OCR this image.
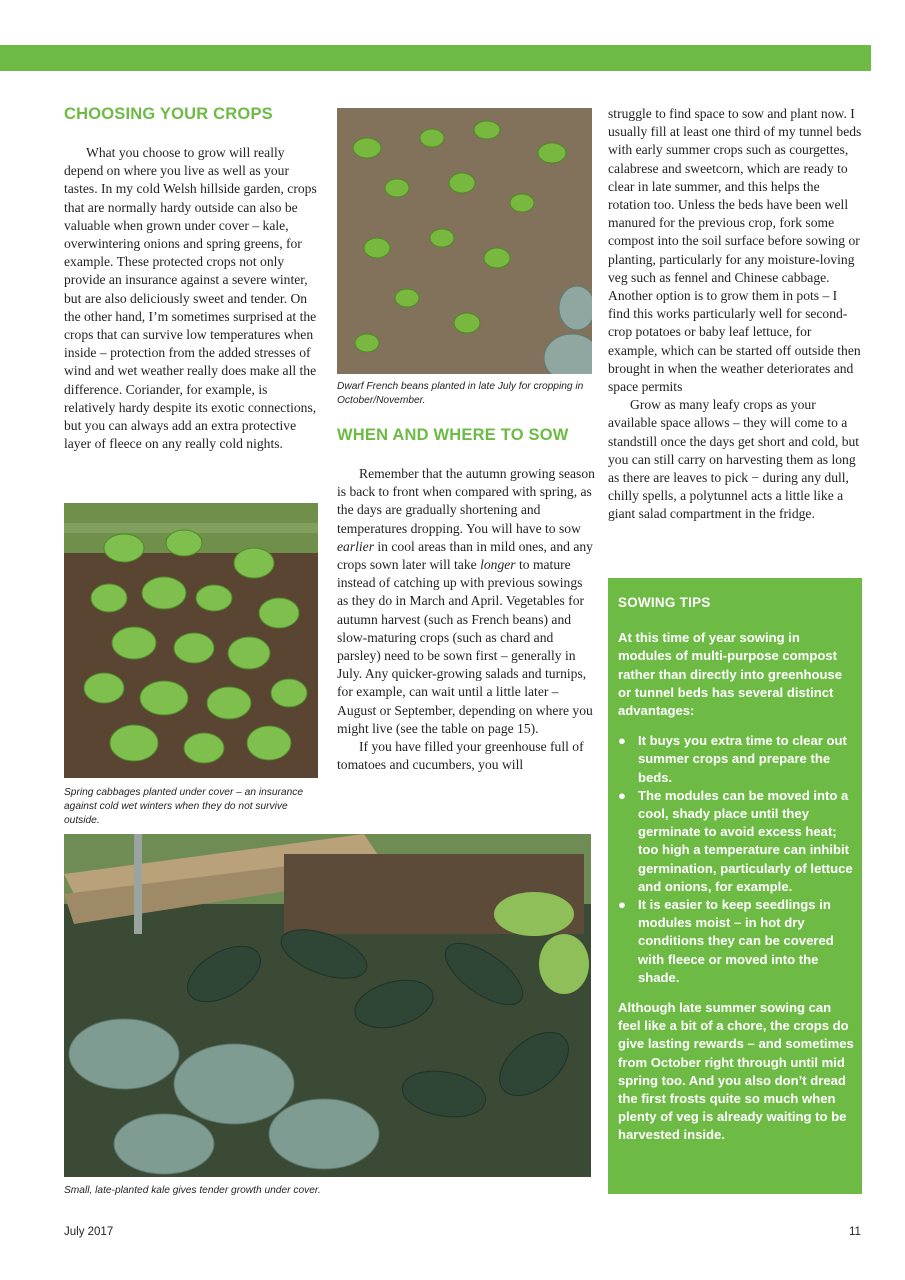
CHOOSING YOUR CROPS

What you choose to grow will really depend on where you live as well as your tastes. In my cold Welsh hillside garden, crops that are normally hardy outside can also be valuable when grown under cover – kale, overwintering onions and spring greens, for example. These protected crops not only provide an insurance against a severe winter, but are also deliciously sweet and tender. On the other hand, I’m sometimes surprised at the crops that can survive low temperatures when inside – protection from the added stresses of wind and wet weather really does make all the difference. Coriander, for example, is relatively hardy despite its exotic connections, but you can always add an extra protective layer of fleece on any really cold nights.

Spring cabbages planted under cover – an insurance against cold wet winters when they do not survive outside.
Dwarf French beans planted in late July for cropping in October/November.
WHEN AND WHERE TO SOW

Remember that the autumn growing season is back to front when compared with spring, as the days are gradually shortening and temperatures dropping. You will have to sow earlier in cool areas than in mild ones, and any crops sown later will take longer to mature instead of catching up with previous sowings as they do in March and April. Vegetables for autumn harvest (such as French beans) and slow-maturing crops (such as chard and parsley) need to be sown first – generally in July. Any quicker-growing salads and turnips, for example, can wait until a little later – August or September, depending on where you might live (see the table on page 15).

If you have filled your greenhouse full of tomatoes and cucumbers, you will

Small, late-planted kale gives tender growth under cover.

struggle to find space to sow and plant now. I usually fill at least one third of my tunnel beds with early summer crops such as courgettes, calabrese and sweetcorn, which are ready to clear in late summer, and this helps the rotation too. Unless the beds have been well manured for the previous crop, fork some compost into the soil surface before sowing or planting, particularly for any moisture-loving veg such as fennel and Chinese cabbage. Another option is to grow them in pots – I find this works particularly well for second-crop potatoes or baby leaf lettuce, for example, which can be started off outside then brought in when the weather deteriorates and space permits

Grow as many leafy crops as your available space allows – they will come to a standstill once the days get short and cold, but you can still carry on harvesting them as long as there are leaves to pick − during any dull, chilly spells, a polytunnel acts a little like a giant salad compartment in the fridge.

SOWING TIPS

At this time of year sowing in modules of multi-purpose compost rather than directly into greenhouse or tunnel beds has several distinct advantages:

● It buys you extra time to clear out summer crops and prepare the beds.
● The modules can be moved into a cool, shady place until they germinate to avoid excess heat; too high a temperature can inhibit germination, particularly of lettuce and onions, for example.
● It is easier to keep seedlings in modules moist – in hot dry conditions they can be covered with fleece or moved into the shade.

Although late summer sowing can feel like a bit of a chore, the crops do give lasting rewards – and sometimes from October right through until mid spring too. And you also don’t dread the first frosts quite so much when plenty of veg is already waiting to be harvested inside.

July 2017	11
